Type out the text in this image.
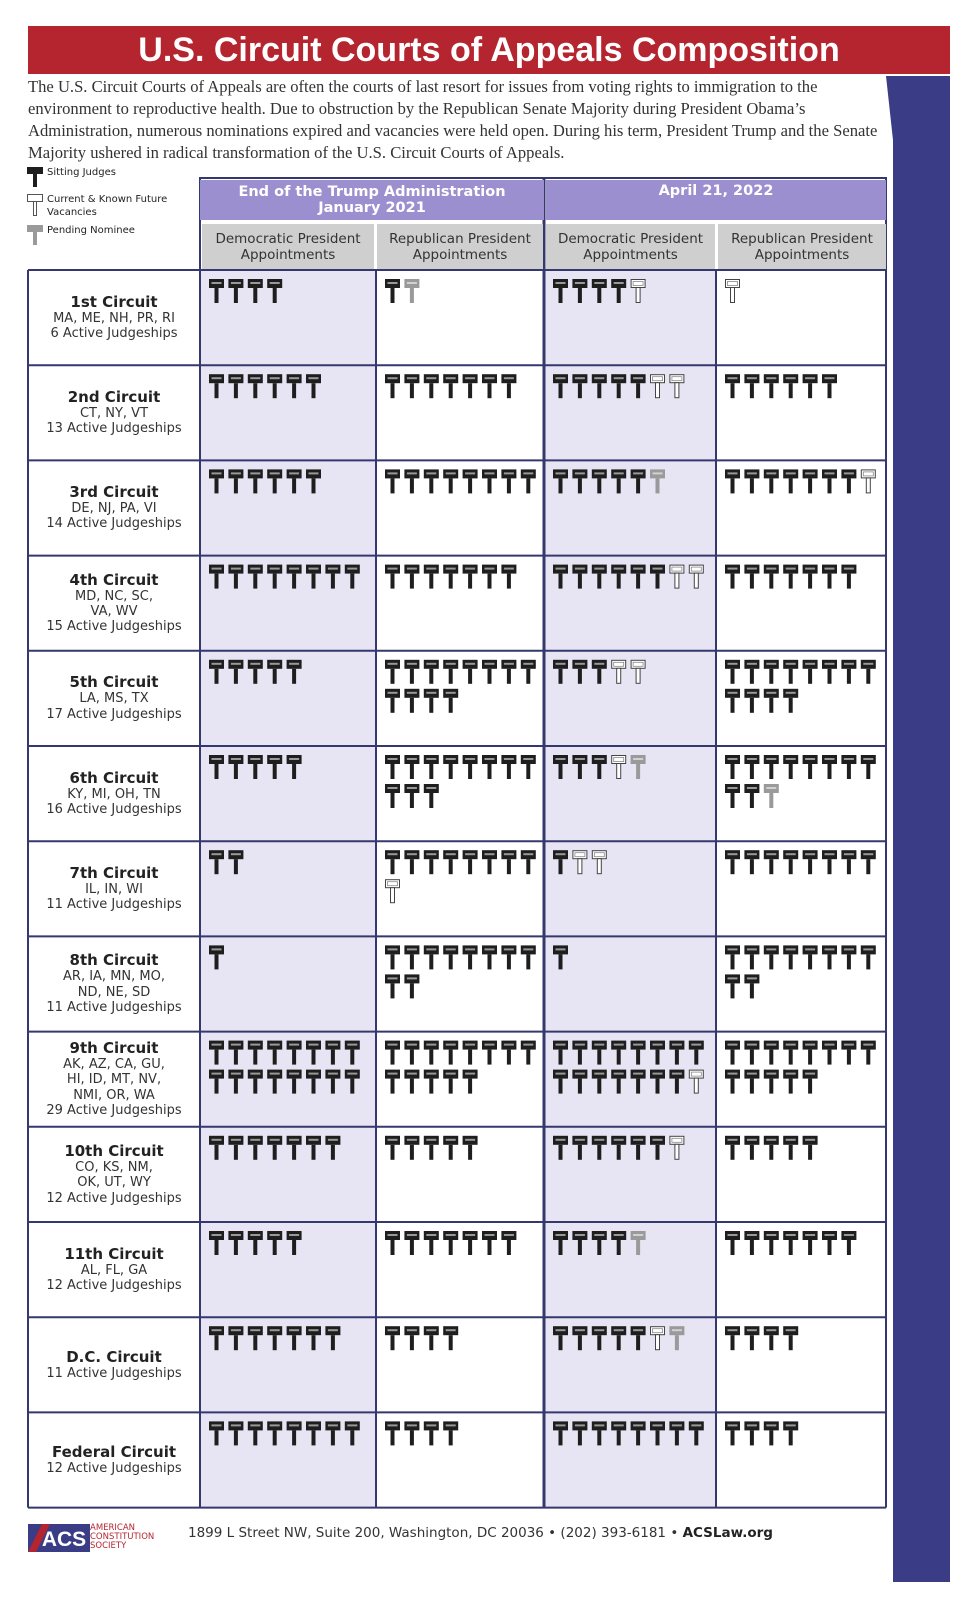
U.S. Circuit Courts of Appeals Composition
The U.S. Circuit Courts of Appeals are often the courts of last resort for issues from voting rights to immigration to the environment to reproductive health. Due to obstruction by the Republican Senate Majority during President Obama’s Administration, numerous nominations expired and vacancies were held open. During his term, President Trump and the Senate Majority ushered in radical transformation of the U.S. Circuit Courts of Appeals.
Sitting Judges
Current & Known Future
Vacancies
Pending Nominee
End of the Trump Administration
January 2021
April 21, 2022
Democratic President
Appointments
Republican President
Appointments
Democratic President
Appointments
Republican President
Appointments
1st Circuit
MA, ME, NH, PR, RI
6 Active Judgeships
2nd Circuit
CT, NY, VT
13 Active Judgeships
3rd Circuit
DE, NJ, PA, VI
14 Active Judgeships
4th Circuit
MD, NC, SC,
VA, WV
15 Active Judgeships
5th Circuit
LA, MS, TX
17 Active Judgeships
6th Circuit
KY, MI, OH, TN
16 Active Judgeships
7th Circuit
IL, IN, WI
11 Active Judgeships
8th Circuit
AR, IA, MN, MO,
ND, NE, SD
11 Active Judgeships
9th Circuit
AK, AZ, CA, GU,
HI, ID, MT, NV,
NMI, OR, WA
29 Active Judgeships
10th Circuit
CO, KS, NM,
OK, UT, WY
12 Active Judgeships
11th Circuit
AL, FL, GA
12 Active Judgeships
D.C. Circuit
11 Active Judgeships
Federal Circuit
12 Active Judgeships
ACS AMERICAN
CONSTITUTION
SOCIETY
1899 L Street NW, Suite 200, Washington, DC 20036 • (202) 393-6181 • ACSLaw.org
